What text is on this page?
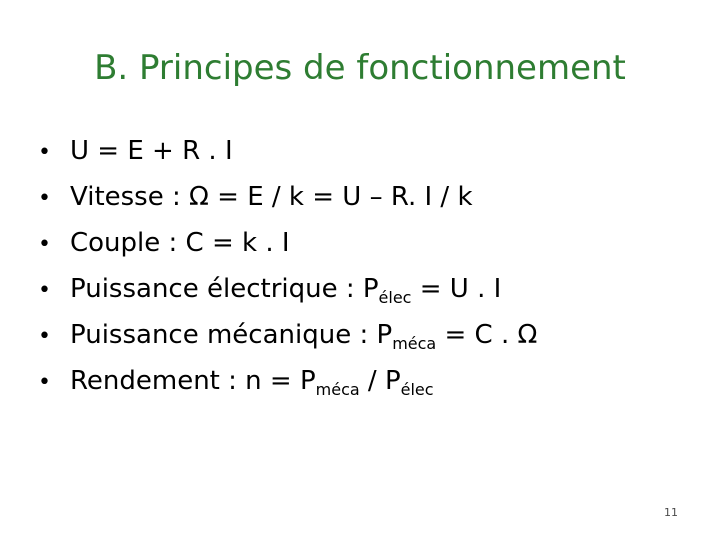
B. Principes de fonctionnement
• U = E + R . I
• Vitesse : Ω = E / k = U – R. I / k
• Couple : C = k . I
• Puissance électrique : $P_{élec} = U$ . I
• Puissance mécanique : $P_{méca} = C$ . Ω
• Rendement : $n = P_{méca} / P_{élec}$
11
